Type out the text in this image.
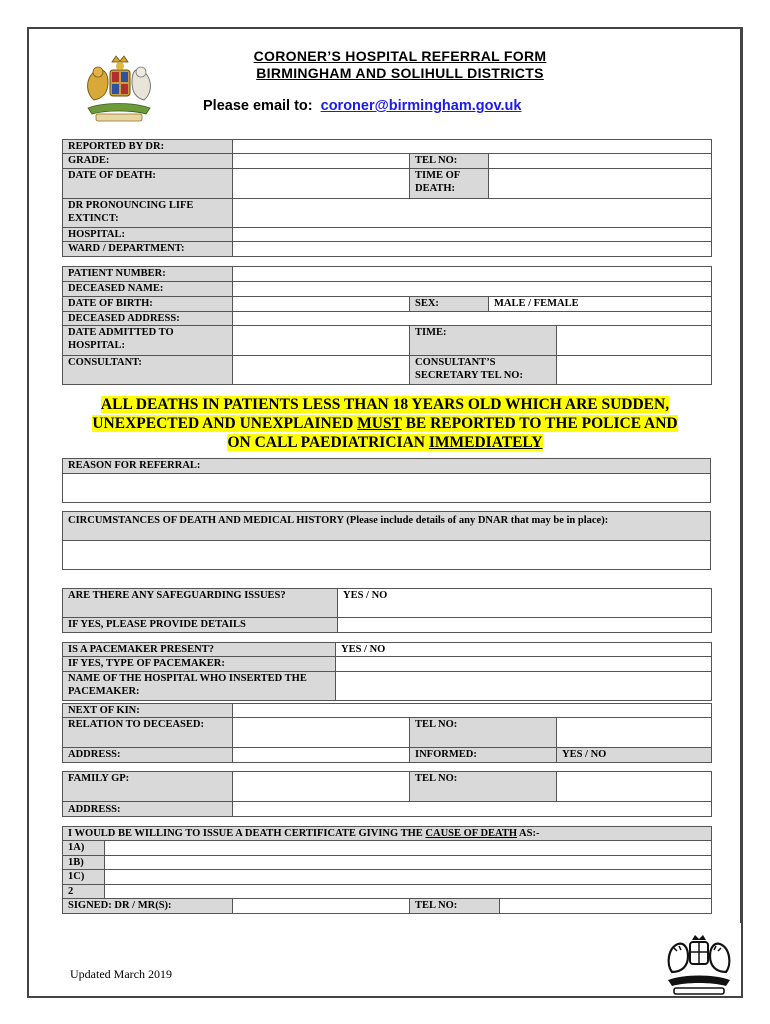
CORONER’S HOSPITAL REFERRAL FORM
BIRMINGHAM AND SOLIHULL DISTRICTS
Please email to: coroner@birmingham.gov.uk
REPORTED BY DR:			
GRADE:		TEL NO:	
DATE OF DEATH:		TIME OF DEATH:	
DR PRONOUNCING LIFE EXTINCT:			
HOSPITAL:			
WARD / DEPARTMENT:			
PATIENT NUMBER:				
DECEASED NAME:				
DATE OF BIRTH:		SEX:	MALE / FEMALE	
DECEASED ADDRESS:				
DATE ADMITTED TO HOSPITAL:		TIME:		
CONSULTANT:		CONSULTANT’S SECRETARY TEL NO:		
ALL DEATHS IN PATIENTS LESS THAN 18 YEARS OLD WHICH ARE SUDDEN,
UNEXPECTED AND UNEXPLAINED MUST BE REPORTED TO THE POLICE AND
ON CALL PAEDIATRICIAN IMMEDIATELY
REASON FOR REFERRAL:

CIRCUMSTANCES OF DEATH AND MEDICAL HISTORY (Please include details of any DNAR that may be in place):

ARE THERE ANY SAFEGUARDING ISSUES?	YES / NO
IF YES, PLEASE PROVIDE DETAILS	
IS A PACEMAKER PRESENT?	YES / NO
IF YES, TYPE OF PACEMAKER:	
NAME OF THE HOSPITAL WHO INSERTED THE PACEMAKER:	
NEXT OF KIN:			
RELATION TO DECEASED:		TEL NO:	
ADDRESS:		INFORMED:	YES / NO
FAMILY GP:		TEL NO:	
ADDRESS:			
I WOULD BE WILLING TO ISSUE A DEATH CERTIFICATE GIVING THE CAUSE OF DEATH AS:-				
1A)				
1B)				
1C)				
2				
SIGNED: DR / MR(S):			TEL NO:	
Updated March 2019
